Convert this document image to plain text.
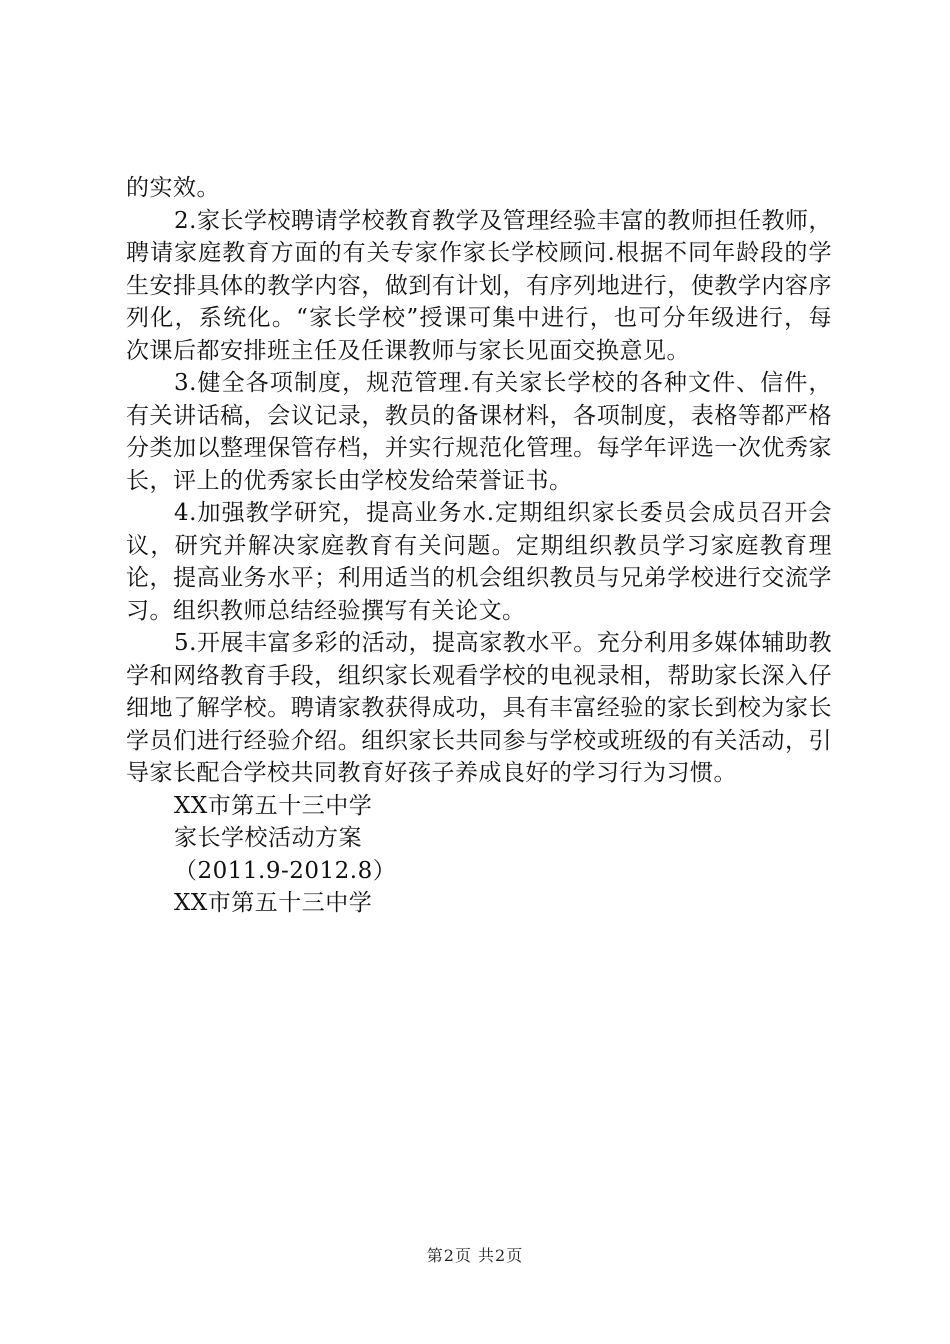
的实效。

2.家长学校聘请学校教育教学及管理经验丰富的教师担任教师，聘请家庭教育方面的有关专家作家长学校顾问.根据不同年龄段的学生安排具体的教学内容，做到有计划，有序列地进行，使教学内容序列化，系统化。“家长学校”授课可集中进行，也可分年级进行，每次课后都安排班主任及任课教师与家长见面交换意见。

3.健全各项制度，规范管理.有关家长学校的各种文件、信件，有关讲话稿，会议记录，教员的备课材料，各项制度，表格等都严格分类加以整理保管存档，并实行规范化管理。每学年评选一次优秀家长，评上的优秀家长由学校发给荣誉证书。

4.加强教学研究，提高业务水.定期组织家长委员会成员召开会议，研究并解决家庭教育有关问题。定期组织教员学习家庭教育理论，提高业务水平；利用适当的机会组织教员与兄弟学校进行交流学习。组织教师总结经验撰写有关论文。

5.开展丰富多彩的活动，提高家教水平。充分利用多媒体辅助教学和网络教育手段，组织家长观看学校的电视录相，帮助家长深入仔细地了解学校。聘请家教获得成功，具有丰富经验的家长到校为家长学员们进行经验介绍。组织家长共同参与学校或班级的有关活动，引导家长配合学校共同教育好孩子养成良好的学习行为习惯。

XX市第五十三中学

家长学校活动方案

（2011.9-2012.8）

XX市第五十三中学

第2页 共2页
